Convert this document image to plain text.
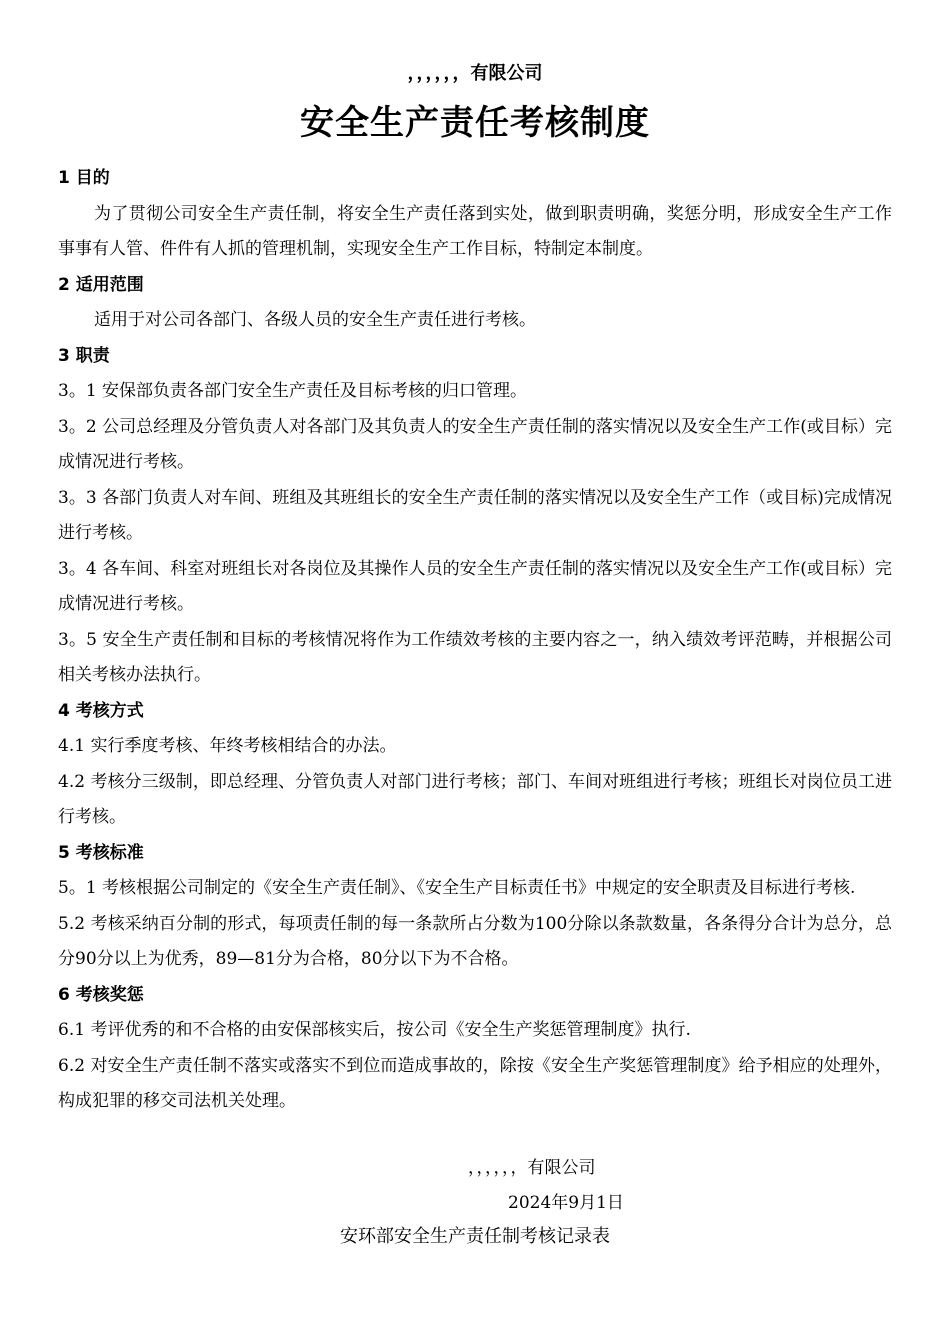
，，，，，，有限公司
安全生产责任考核制度

1 目的

为了贯彻公司安全生产责任制，将安全生产责任落到实处，做到职责明确，奖惩分明，形成安全生产工作事事有人管、件件有人抓的管理机制，实现安全生产工作目标，特制定本制度。

2 适用范围

适用于对公司各部门、各级人员的安全生产责任进行考核。

3 职责

3。1 安保部负责各部门安全生产责任及目标考核的归口管理。

3。2 公司总经理及分管负责人对各部门及其负责人的安全生产责任制的落实情况以及安全生产工作(或目标）完成情况进行考核。

3。3 各部门负责人对车间、班组及其班组长的安全生产责任制的落实情况以及安全生产工作（或目标)完成情况进行考核。

3。4 各车间、科室对班组长对各岗位及其操作人员的安全生产责任制的落实情况以及安全生产工作(或目标）完成情况进行考核。

3。5 安全生产责任制和目标的考核情况将作为工作绩效考核的主要内容之一，纳入绩效考评范畴，并根据公司相关考核办法执行。

4 考核方式

4.1 实行季度考核、年终考核相结合的办法。

4.2 考核分三级制，即总经理、分管负责人对部门进行考核；部门、车间对班组进行考核；班组长对岗位员工进行考核。

5 考核标准

5。1 考核根据公司制定的《安全生产责任制》、《安全生产目标责任书》中规定的安全职责及目标进行考核.

5.2 考核采纳百分制的形式，每项责任制的每一条款所占分数为100分除以条款数量，各条得分合计为总分，总分90分以上为优秀，89—81分为合格，80分以下为不合格。

6 考核奖惩

6.1 考评优秀的和不合格的由安保部核实后，按公司《安全生产奖惩管理制度》执行.

6.2 对安全生产责任制不落实或落实不到位而造成事故的，除按《安全生产奖惩管理制度》给予相应的处理外，构成犯罪的移交司法机关处理。

，，，，，，有限公司
2024年9月1日
安环部安全生产责任制考核记录表
